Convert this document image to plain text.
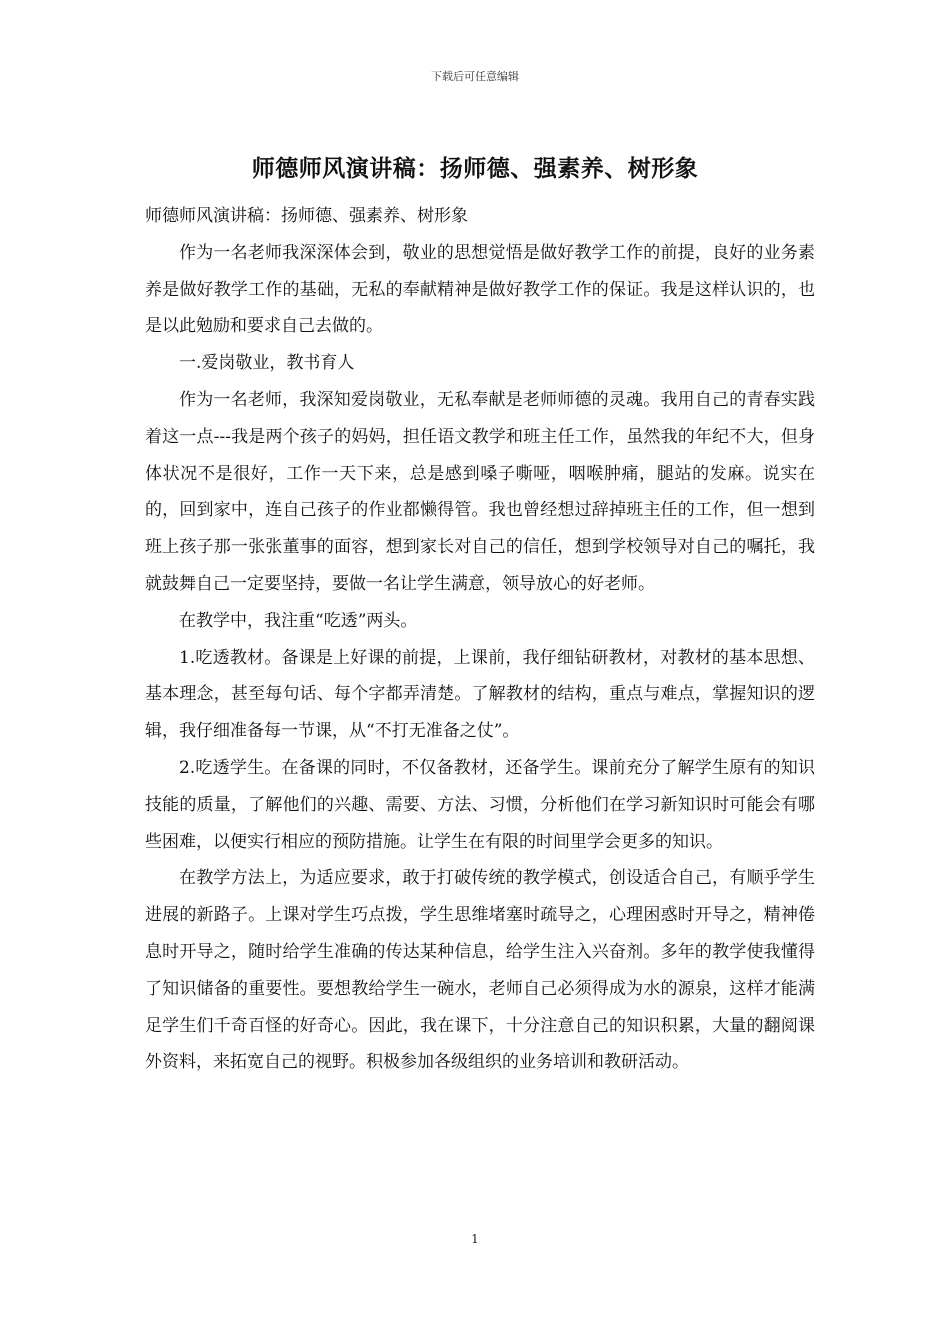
下载后可任意编辑
师德师风演讲稿：扬师德、强素养、树形象

师德师风演讲稿：扬师德、强素养、树形象

作为一名老师我深深体会到，敬业的思想觉悟是做好教学工作的前提，良好的业务素养是做好教学工作的基础，无私的奉献精神是做好教学工作的保证。我是这样认识的，也是以此勉励和要求自己去做的。

一.爱岗敬业，教书育人

作为一名老师，我深知爱岗敬业，无私奉献是老师师德的灵魂。我用自己的青春实践着这一点---我是两个孩子的妈妈，担任语文教学和班主任工作，虽然我的年纪不大，但身体状况不是很好，工作一天下来，总是感到嗓子嘶哑，咽喉肿痛，腿站的发麻。说实在的，回到家中，连自己孩子的作业都懒得管。我也曾经想过辞掉班主任的工作，但一想到班上孩子那一张张董事的面容，想到家长对自己的信任，想到学校领导对自己的嘱托，我就鼓舞自己一定要坚持，要做一名让学生满意，领导放心的好老师。

在教学中，我注重“吃透”两头。

1.吃透教材。备课是上好课的前提，上课前，我仔细钻研教材，对教材的基本思想、基本理念，甚至每句话、每个字都弄清楚。了解教材的结构，重点与难点，掌握知识的逻辑，我仔细准备每一节课，从“不打无准备之仗”。

2.吃透学生。在备课的同时，不仅备教材，还备学生。课前充分了解学生原有的知识技能的质量，了解他们的兴趣、需要、方法、习惯，分析他们在学习新知识时可能会有哪些困难，以便实行相应的预防措施。让学生在有限的时间里学会更多的知识。

在教学方法上，为适应要求，敢于打破传统的教学模式，创设适合自己，有顺乎学生进展的新路子。上课对学生巧点拨，学生思维堵塞时疏导之，心理困惑时开导之，精神倦息时开导之，随时给学生准确的传达某种信息，给学生注入兴奋剂。多年的教学使我懂得了知识储备的重要性。要想教给学生一碗水，老师自己必须得成为水的源泉，这样才能满足学生们千奇百怪的好奇心。因此，我在课下，十分注意自己的知识积累，大量的翻阅课外资料，来拓宽自己的视野。积极参加各级组织的业务培训和教研活动。

1
